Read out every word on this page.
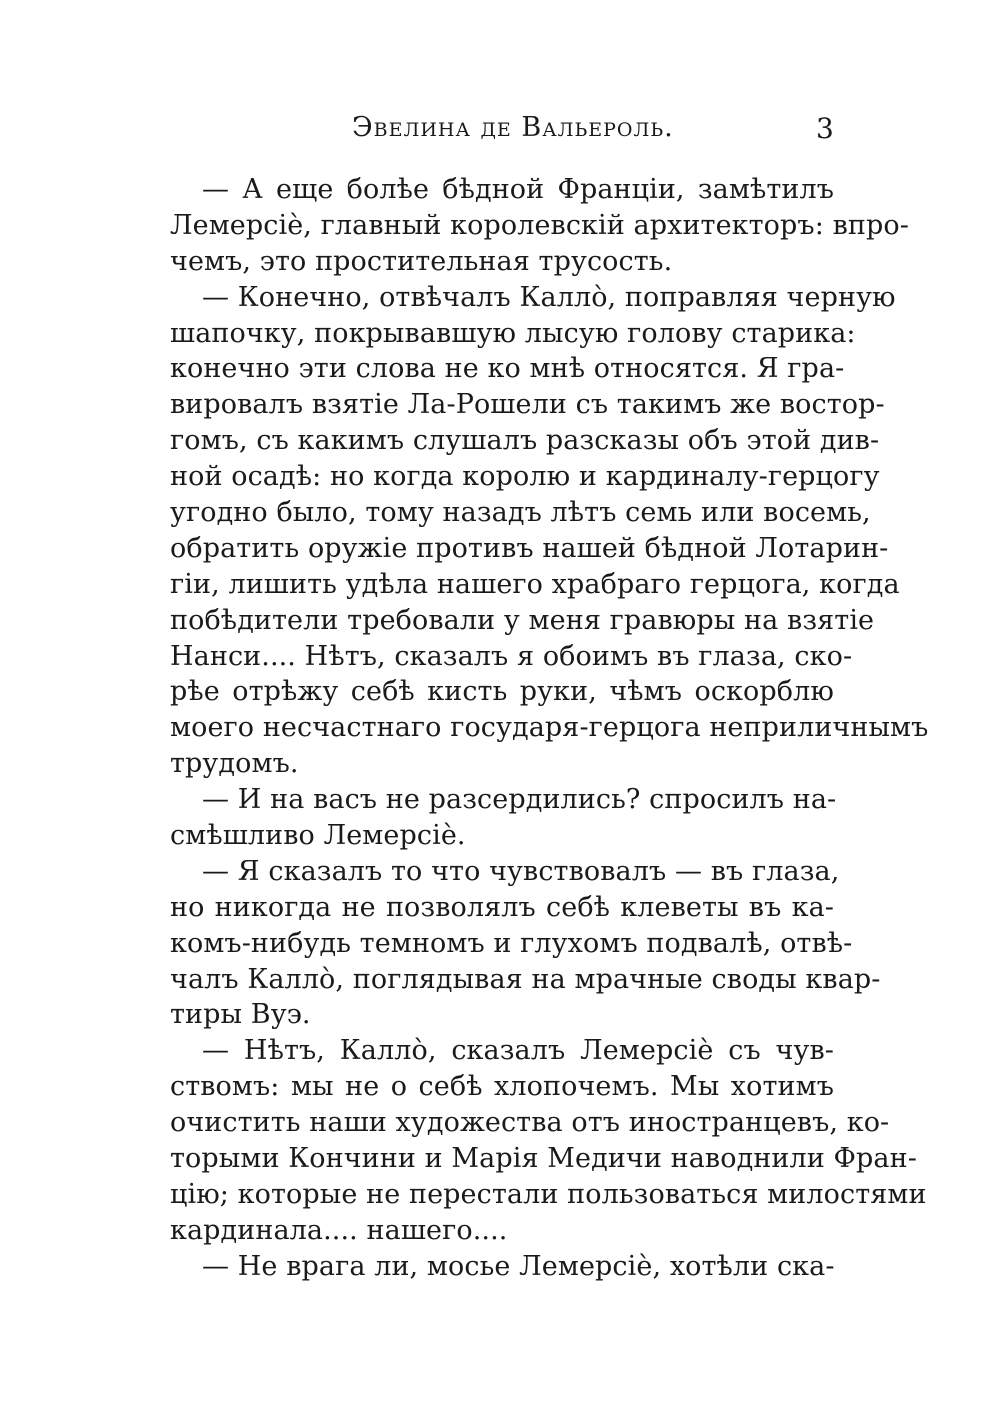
Эвелина де Вальероль.	3
— А еще болѣе бѣдной Франціи, замѣтилъ
Лемерсіè, главный королевскій архитекторъ: впро-
чемъ, это простительная трусость.
— Конечно, отвѣчалъ Калло̀, поправляя черную
шапочку, покрывавшую лысую голову старика:
конечно эти слова не ко мнѣ относятся. Я гра-
вировалъ взятіе Ла-Рошели съ такимъ же востор-
гомъ, съ какимъ слушалъ разсказы объ этой див-
ной осадѣ: но когда королю и кардиналу-герцогу
угодно было, тому назадъ лѣтъ семь или восемь,
обратить оружіе противъ нашей бѣдной Лотарин-
гіи, лишить удѣла нашего храбраго герцога, когда
побѣдители требовали у меня гравюры на взятіе
Нанси.... Нѣтъ, сказалъ я обоимъ въ глаза, ско-
рѣе отрѣжу себѣ кисть руки, чѣмъ оскорблю
моего несчастнаго государя-герцога неприличнымъ
трудомъ.
— И на васъ не разсердились? спросилъ на-
смѣшливо Лемерсіè.
— Я сказалъ то что чувствовалъ — въ глаза,
но никогда не позволялъ себѣ клеветы въ ка-
комъ-нибудь темномъ и глухомъ подвалѣ, отвѣ-
чалъ Калло̀, поглядывая на мрачные своды квар-
тиры Вуэ.
— Нѣтъ, Калло̀, сказалъ Лемерсіè съ чув-
ствомъ: мы не о себѣ хлопочемъ. Мы хотимъ
очистить наши художества отъ иностранцевъ, ко-
торыми Кончини и Марія Медичи наводнили Фран-
цію; которые не перестали пользоваться милостями
кардинала.... нашего....
— Не врага ли, мосье Лемерсіè, хотѣли ска-
